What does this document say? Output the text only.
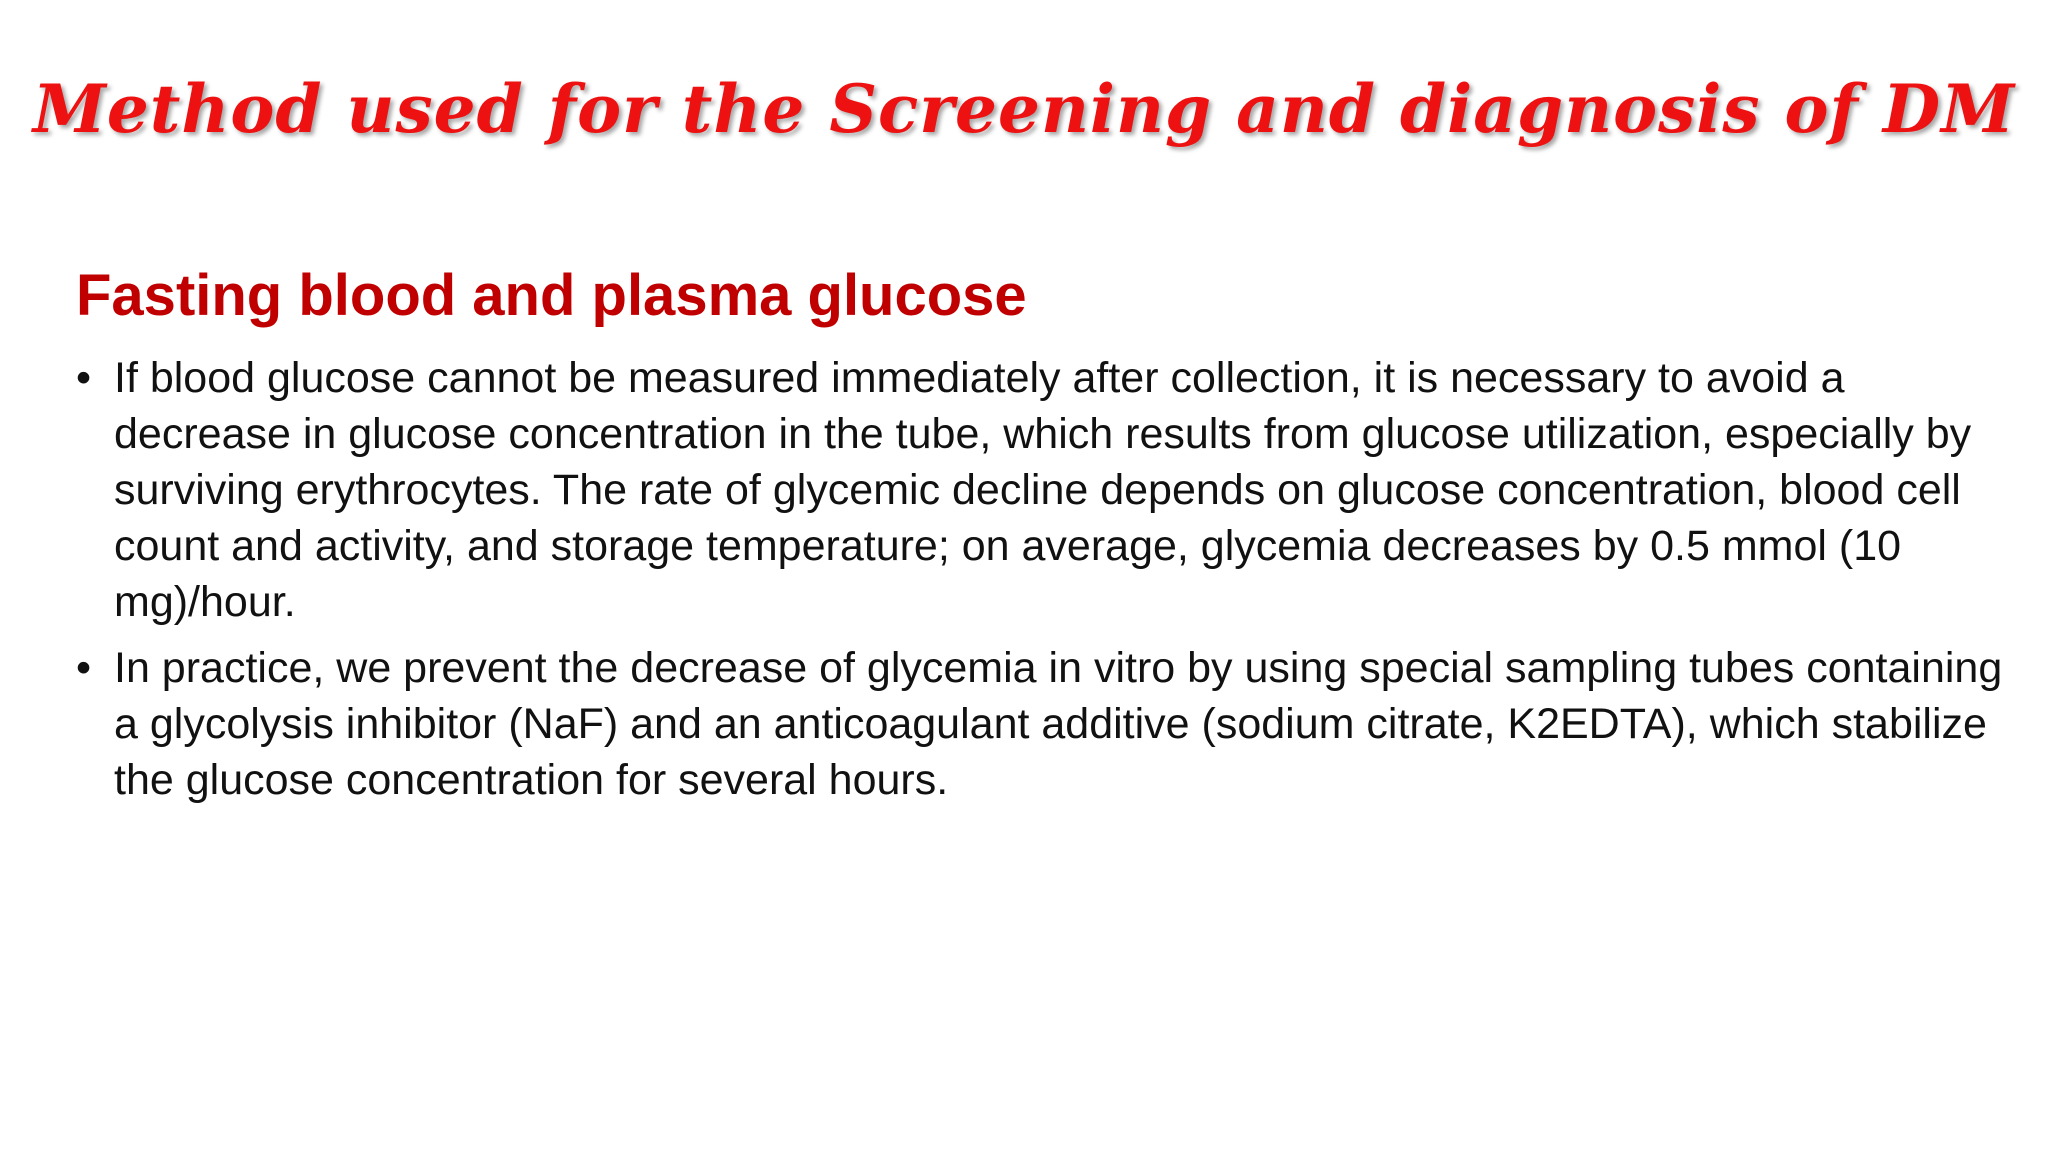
Method used for the Screening and diagnosis of DM
Fasting blood and plasma glucose
• If blood glucose cannot be measured immediately after collection, it is necessary to avoid a decrease in glucose concentration in the tube, which results from glucose utilization, especially by surviving erythrocytes. The rate of glycemic decline depends on glucose concentration, blood cell count and activity, and storage temperature; on average, glycemia decreases by 0.5 mmol (10 mg)/hour.
• In practice, we prevent the decrease of glycemia in vitro by using special sampling tubes containing a glycolysis inhibitor (NaF) and an anticoagulant additive (sodium citrate, K2EDTA), which stabilize the glucose concentration for several hours.
